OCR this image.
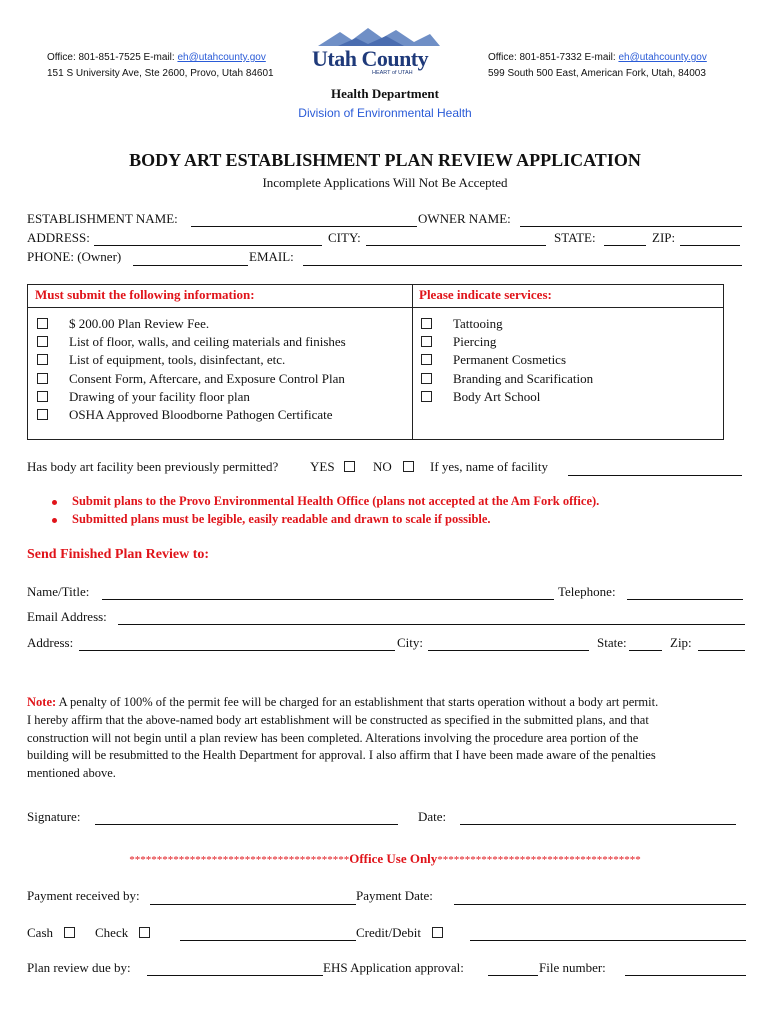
Office: 801-851-7525 E-mail: eh@utahcounty.gov
151 S University Ave, Ste 2600, Provo, Utah 84601
Office: 801-851-7332 E-mail: eh@utahcounty.gov
599 South 500 East, American Fork, Utah, 84003
Utah County
HEART of UTAH
Health Department
Division of Environmental Health
BODY ART ESTABLISHMENT PLAN REVIEW APPLICATION
Incomplete Applications Will Not Be Accepted
ESTABLISHMENT NAME:	OWNER NAME:
ADDRESS:	CITY:	STATE:	ZIP:
PHONE: (Owner)	EMAIL:
Must submit the following information:	Please indicate services:
$ 200.00 Plan Review Fee.
List of floor, walls, and ceiling materials and finishes
List of equipment, tools, disinfectant, etc.
Consent Form, Aftercare, and Exposure Control Plan
Drawing of your facility floor plan
OSHA Approved Bloodborne Pathogen Certificate
Tattooing
Piercing
Permanent Cosmetics
Branding and Scarification
Body Art School
Has body art facility been previously permitted? YES	NO	If yes, name of facility
Submit plans to the Provo Environmental Health Office (plans not accepted at the Am Fork office).
Submitted plans must be legible, easily readable and drawn to scale if possible.
Send Finished Plan Review to:
Name/Title:	Telephone:
Email Address:
Address:	City:	State:	Zip:
Note: A penalty of 100% of the permit fee will be charged for an establishment that starts operation without a body art permit.
I hereby affirm that the above-named body art establishment will be constructed as specified in the submitted plans, and that
construction will not begin until a plan review has been completed. Alterations involving the procedure area portion of the
building will be resubmitted to the Health Department for approval. I also affirm that I have been made aware of the penalties
mentioned above.
Signature:	Date:
****************************************Office Use Only*************************************
Payment received by:	Payment Date:
Cash	Check	Credit/Debit
Plan review due by:	EHS Application approval:	File number:
